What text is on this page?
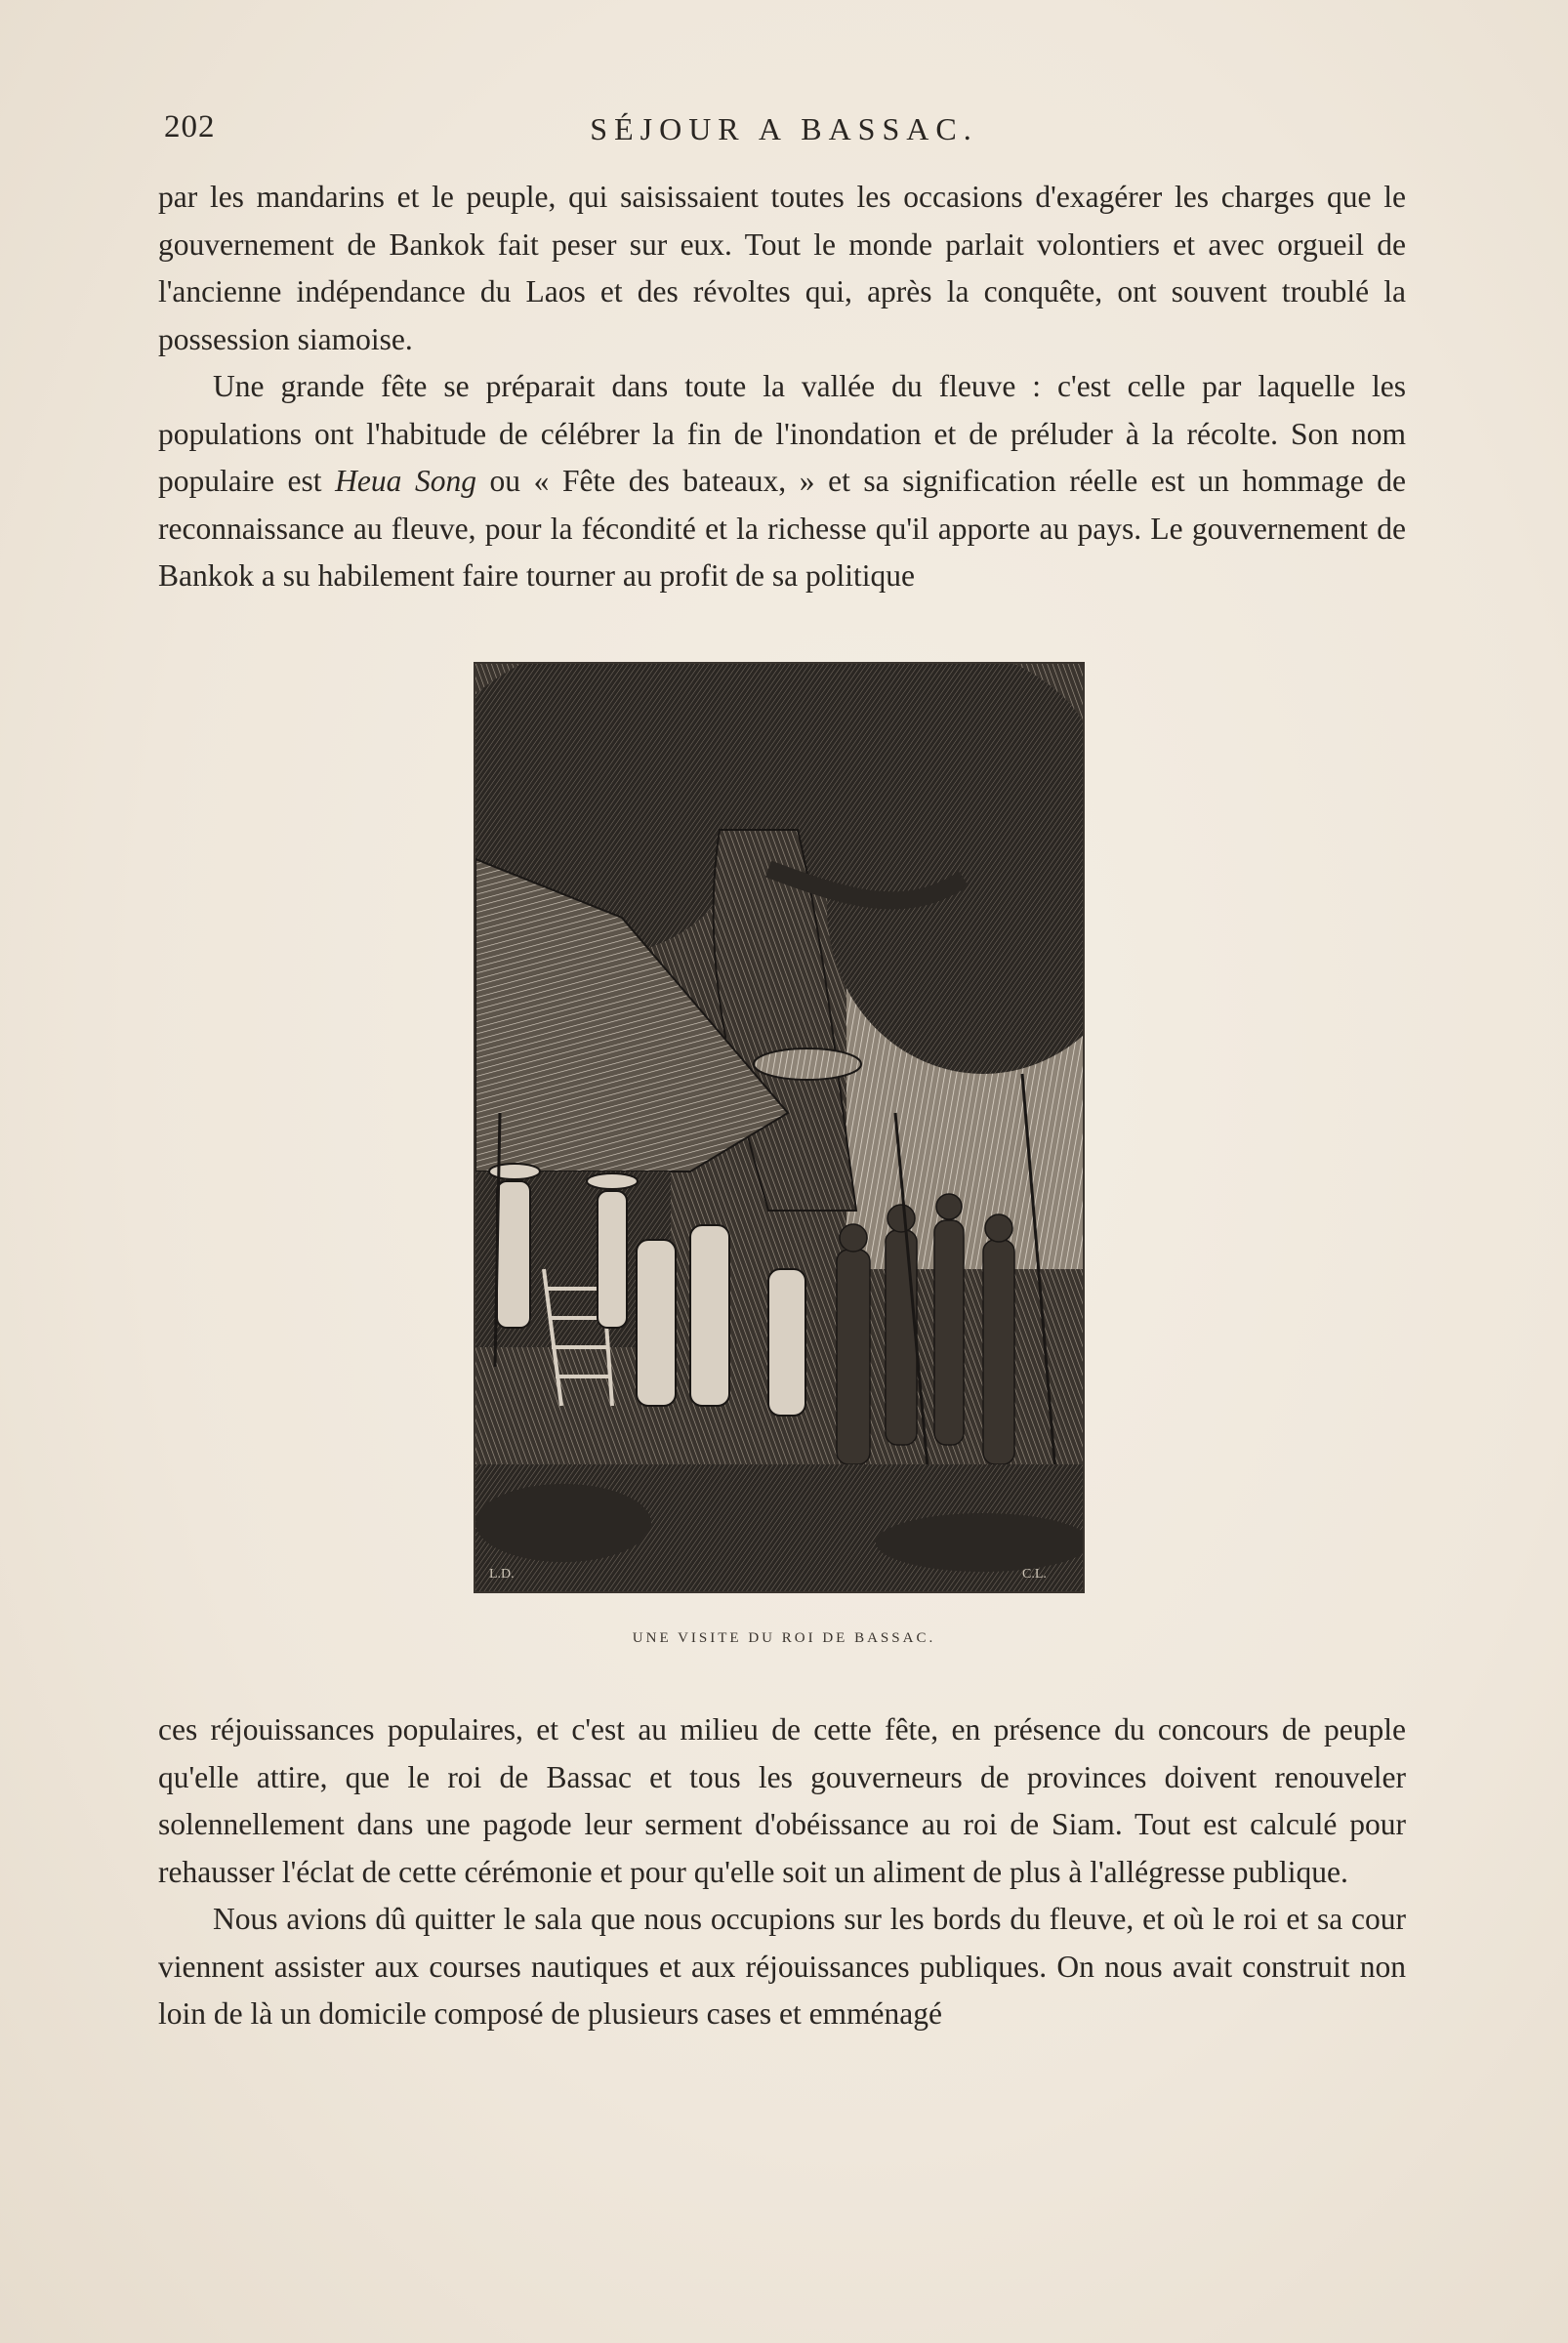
202	SÉJOUR A BASSAC.

par les mandarins et le peuple, qui saisissaient toutes les occasions d'exagérer les charges que le gouvernement de Bankok fait peser sur eux. Tout le monde parlait volontiers et avec orgueil de l'ancienne indépendance du Laos et des révoltes qui, après la conquête, ont souvent troublé la possession siamoise.

Une grande fête se préparait dans toute la vallée du fleuve : c'est celle par laquelle les populations ont l'habitude de célébrer la fin de l'inondation et de préluder à la récolte. Son nom populaire est Heua Song ou « Fête des bateaux, » et sa signification réelle est un hommage de reconnaissance au fleuve, pour la fécondité et la richesse qu'il apporte au pays. Le gouvernement de Bankok a su habilement faire tourner au profit de sa politique

L.D.	C.L.
UNE VISITE DU ROI DE BASSAC.

ces réjouissances populaires, et c'est au milieu de cette fête, en présence du concours de peuple qu'elle attire, que le roi de Bassac et tous les gouverneurs de provinces doivent renouveler solennellement dans une pagode leur serment d'obéissance au roi de Siam. Tout est calculé pour rehausser l'éclat de cette cérémonie et pour qu'elle soit un aliment de plus à l'allégresse publique.

Nous avions dû quitter le sala que nous occupions sur les bords du fleuve, et où le roi et sa cour viennent assister aux courses nautiques et aux réjouissances publiques. On nous avait construit non loin de là un domicile composé de plusieurs cases et emménagé
